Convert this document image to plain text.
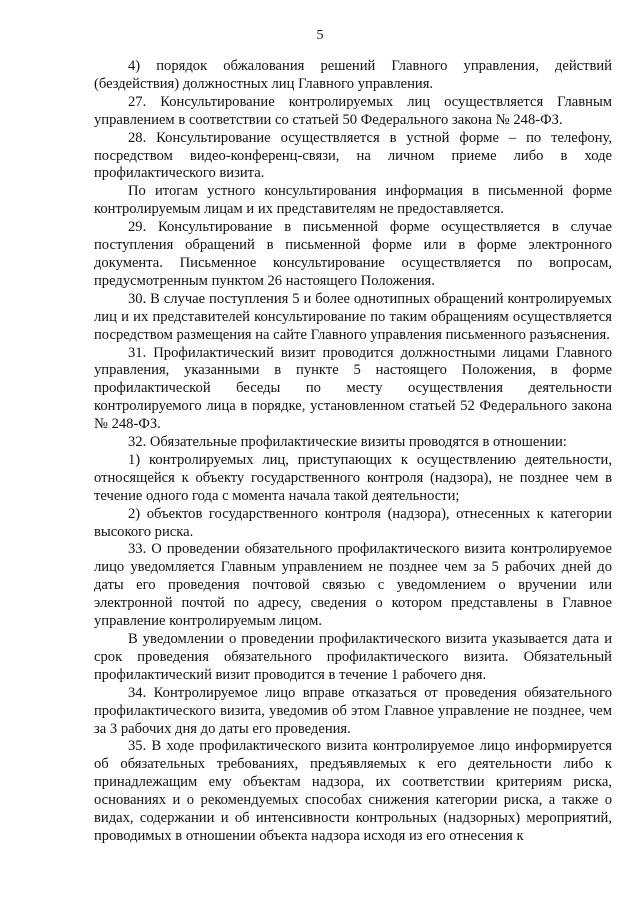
5

4) порядок обжалования решений Главного управления, действий (бездействия) должностных лиц Главного управления.

27. Консультирование контролируемых лиц осуществляется Главным управлением в соответствии со статьей 50 Федерального закона № 248-ФЗ.

28. Консультирование осуществляется в устной форме – по телефону, посредством видео-конференц-связи, на личном приеме либо в ходе профилактического визита.

По итогам устного консультирования информация в письменной форме контролируемым лицам и их представителям не предоставляется.

29. Консультирование в письменной форме осуществляется в случае поступления обращений в письменной форме или в форме электронного документа. Письменное консультирование осуществляется по вопросам, предусмотренным пунктом 26 настоящего Положения.

30. В случае поступления 5 и более однотипных обращений контролируемых лиц и их представителей консультирование по таким обращениям осуществляется посредством размещения на сайте Главного управления письменного разъяснения.

31. Профилактический визит проводится должностными лицами Главного управления, указанными в пункте 5 настоящего Положения, в форме профилактической беседы по месту осуществления деятельности контролируемого лица в порядке, установленном статьей 52 Федерального закона № 248-ФЗ.

32. Обязательные профилактические визиты проводятся в отношении:

1) контролируемых лиц, приступающих к осуществлению деятельности, относящейся к объекту государственного контроля (надзора), не позднее чем в течение одного года с момента начала такой деятельности;

2) объектов государственного контроля (надзора), отнесенных к категории высокого риска.

33. О проведении обязательного профилактического визита контролируемое лицо уведомляется Главным управлением не позднее чем за 5 рабочих дней до даты его проведения почтовой связью с уведомлением о вручении или электронной почтой по адресу, сведения о котором представлены в Главное управление контролируемым лицом.

В уведомлении о проведении профилактического визита указывается дата и срок проведения обязательного профилактического визита. Обязательный профилактический визит проводится в течение 1 рабочего дня.

34. Контролируемое лицо вправе отказаться от проведения обязательного профилактического визита, уведомив об этом Главное управление не позднее, чем за 3 рабочих дня до даты его проведения.

35. В ходе профилактического визита контролируемое лицо информируется об обязательных требованиях, предъявляемых к его деятельности либо к принадлежащим ему объектам надзора, их соответствии критериям риска, основаниях и о рекомендуемых способах снижения категории риска, а также о видах, содержании и об интенсивности контрольных (надзорных) мероприятий, проводимых в отношении объекта надзора исходя из его отнесения к
